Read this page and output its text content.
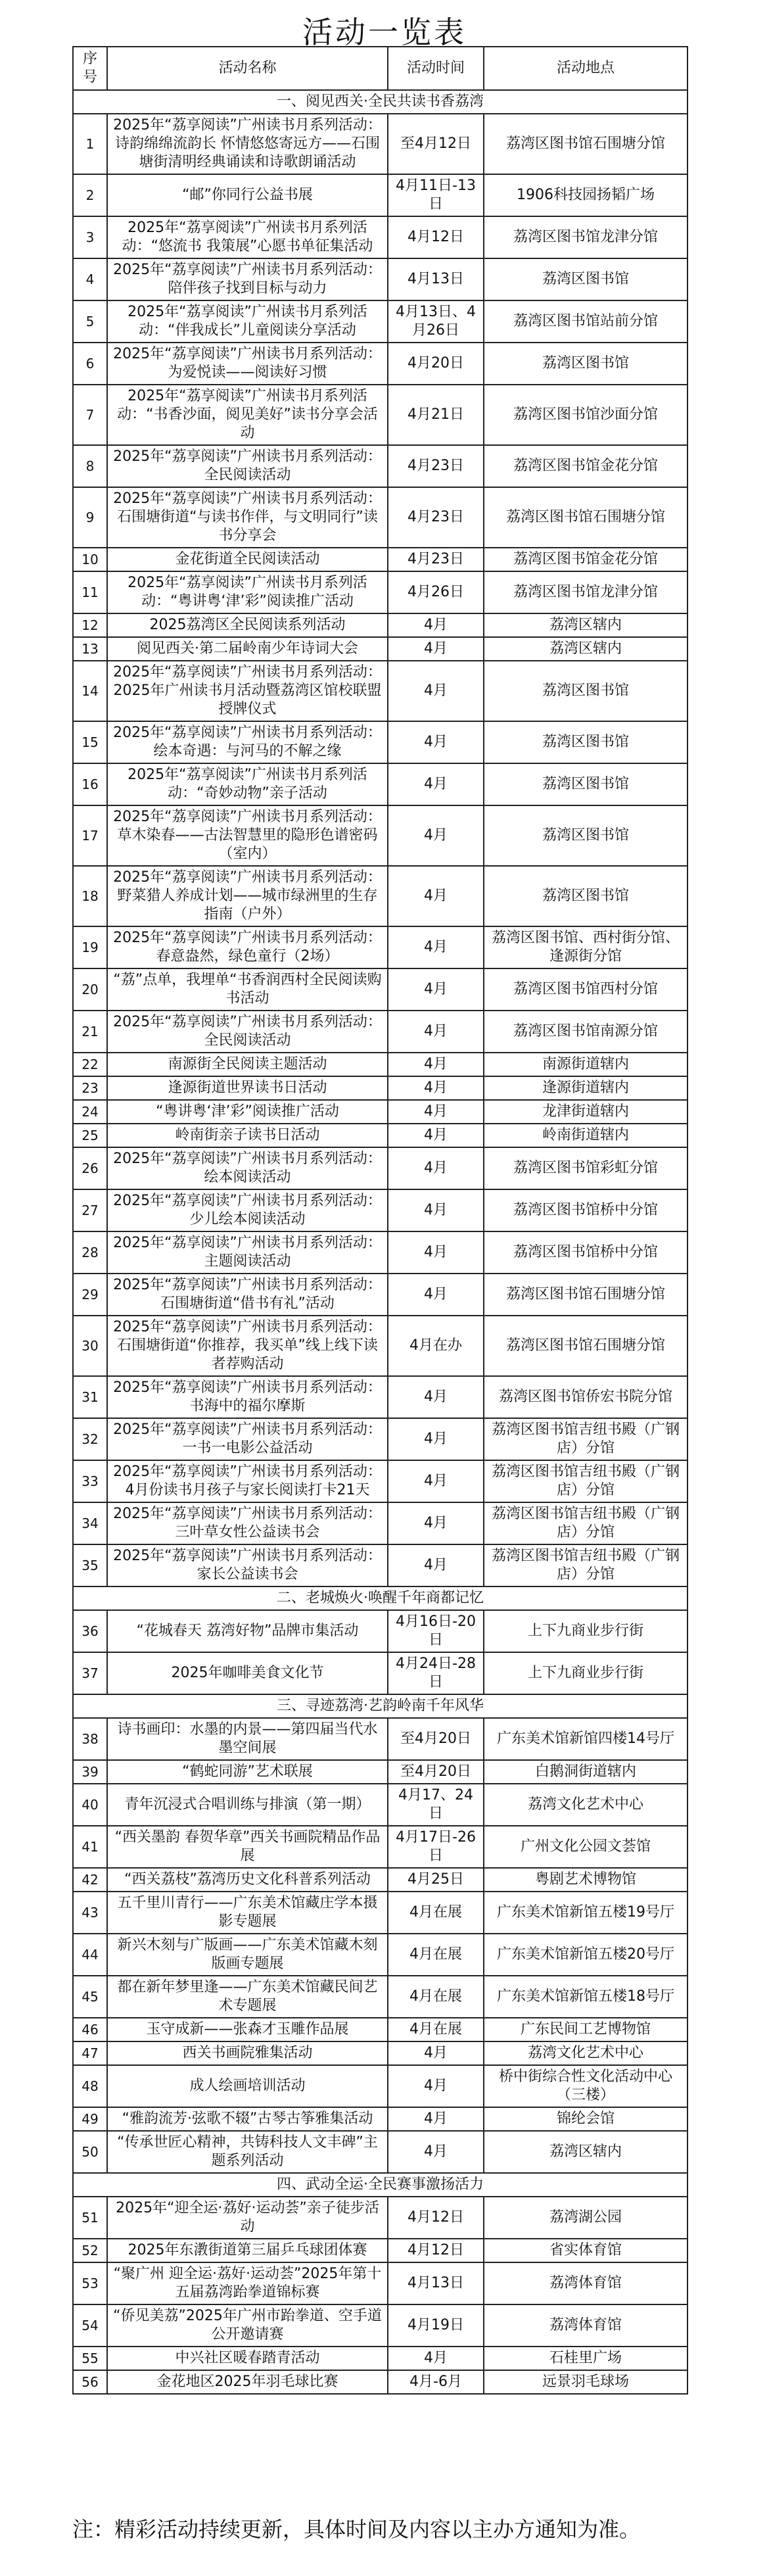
活动一览表
序号	活动名称	活动时间	活动地点
一、阅见西关·全民共读书香荔湾			
1	2025年“荔享阅读”广州读书月系列活动：诗韵绵绵流韵长 怀情悠悠寄远方——石围塘街清明经典诵读和诗歌朗诵活动	至4月12日	荔湾区图书馆石围塘分馆
2	“邮”你同行公益书展	4月11日-13日	1906科技园扬韬广场
3	2025年“荔享阅读”广州读书月系列活动：“悠流书 我策展”心愿书单征集活动	4月12日	荔湾区图书馆龙津分馆
4	2025年“荔享阅读”广州读书月系列活动：陪伴孩子找到目标与动力	4月13日	荔湾区图书馆
5	2025年“荔享阅读”广州读书月系列活动：“伴我成长”儿童阅读分享活动	4月13日、4月26日	荔湾区图书馆站前分馆
6	2025年“荔享阅读”广州读书月系列活动：为爱悦读——阅读好习惯	4月20日	荔湾区图书馆
7	2025年“荔享阅读”广州读书月系列活动：“书香沙面，阅见美好”读书分享会活动	4月21日	荔湾区图书馆沙面分馆
8	2025年“荔享阅读”广州读书月系列活动：全民阅读活动	4月23日	荔湾区图书馆金花分馆
9	2025年“荔享阅读”广州读书月系列活动：石围塘街道“与读书作伴，与文明同行”读书分享会	4月23日	荔湾区图书馆石围塘分馆
10	金花街道全民阅读活动	4月23日	荔湾区图书馆金花分馆
11	2025年“荔享阅读”广州读书月系列活动：“粤讲粤‘津’彩”阅读推广活动	4月26日	荔湾区图书馆龙津分馆
12	2025荔湾区全民阅读系列活动	4月	荔湾区辖内
13	阅见西关·第二届岭南少年诗词大会	4月	荔湾区辖内
14	2025年“荔享阅读”广州读书月系列活动：2025年广州读书月活动暨荔湾区馆校联盟授牌仪式	4月	荔湾区图书馆
15	2025年“荔享阅读”广州读书月系列活动：绘本奇遇：与河马的不解之缘	4月	荔湾区图书馆
16	2025年“荔享阅读”广州读书月系列活动：“奇妙动物”亲子活动	4月	荔湾区图书馆
17	2025年“荔享阅读”广州读书月系列活动：草木染春——古法智慧里的隐形色谱密码（室内）	4月	荔湾区图书馆
18	2025年“荔享阅读”广州读书月系列活动：野菜猎人养成计划——城市绿洲里的生存指南（户外）	4月	荔湾区图书馆
19	2025年“荔享阅读”广州读书月系列活动：春意盎然，绿色童行（2场）	4月	荔湾区图书馆、西村街分馆、逢源街分馆
20	“荔”点单，我埋单“书香润西村全民阅读购书活动	4月	荔湾区图书馆西村分馆
21	2025年“荔享阅读”广州读书月系列活动：全民阅读活动	4月	荔湾区图书馆南源分馆
22	南源街全民阅读主题活动	4月	南源街道辖内
23	逢源街道世界读书日活动	4月	逢源街道辖内
24	“粤讲粤‘津’彩”阅读推广活动	4月	龙津街道辖内
25	岭南街亲子读书日活动	4月	岭南街道辖内
26	2025年“荔享阅读”广州读书月系列活动：绘本阅读活动	4月	荔湾区图书馆彩虹分馆
27	2025年“荔享阅读”广州读书月系列活动：少儿绘本阅读活动	4月	荔湾区图书馆桥中分馆
28	2025年“荔享阅读”广州读书月系列活动：主题阅读活动	4月	荔湾区图书馆桥中分馆
29	2025年“荔享阅读”广州读书月系列活动：石围塘街道“借书有礼”活动	4月	荔湾区图书馆石围塘分馆
30	2025年“荔享阅读”广州读书月系列活动：石围塘街道“你推荐，我买单”线上线下读者荐购活动	4月在办	荔湾区图书馆石围塘分馆
31	2025年“荔享阅读”广州读书月系列活动：书海中的福尔摩斯	4月	荔湾区图书馆侨宏书院分馆
32	2025年“荔享阅读”广州读书月系列活动：一书一电影公益活动	4月	荔湾区图书馆吉纽书殿（广钢店）分馆
33	2025年“荔享阅读”广州读书月系列活动：4月份读书月孩子与家长阅读打卡21天	4月	荔湾区图书馆吉纽书殿（广钢店）分馆
34	2025年“荔享阅读”广州读书月系列活动：三叶草女性公益读书会	4月	荔湾区图书馆吉纽书殿（广钢店）分馆
35	2025年“荔享阅读”广州读书月系列活动：家长公益读书会	4月	荔湾区图书馆吉纽书殿（广钢店）分馆
二、老城焕火·唤醒千年商都记忆			
36	“花城春天 荔湾好物”品牌市集活动	4月16日-20日	上下九商业步行街
37	2025年咖啡美食文化节	4月24日-28日	上下九商业步行街
三、寻迹荔湾·艺韵岭南千年风华			
38	诗书画印：水墨的内景——第四届当代水墨空间展	至4月20日	广东美术馆新馆四楼14号厅
39	“鹤蛇同游”艺术联展	至4月20日	白鹅洞街道辖内
40	青年沉浸式合唱训练与排演（第一期）	4月17、24日	荔湾文化艺术中心
41	“西关墨韵 春贺华章”西关书画院精品作品展	4月17日-26日	广州文化公园文荟馆
42	“西关荔枝”荔湾历史文化科普系列活动	4月25日	粤剧艺术博物馆
43	五千里川青行——广东美术馆藏庄学本摄影专题展	4月在展	广东美术馆新馆五楼19号厅
44	新兴木刻与广版画——广东美术馆藏木刻版画专题展	4月在展	广东美术馆新馆五楼20号厅
45	都在新年梦里逢——广东美术馆藏民间艺术专题展	4月在展	广东美术馆新馆五楼18号厅
46	玉守成新——张森才玉雕作品展	4月在展	广东民间工艺博物馆
47	西关书画院雅集活动	4月	荔湾文化艺术中心
48	成人绘画培训活动	4月	桥中街综合性文化活动中心（三楼）
49	“雅韵流芳·弦歌不辍”古琴古筝雅集活动	4月	锦纶会馆
50	“传承世匠心精神，共铸科技人文丰碑”主题系列活动	4月	荔湾区辖内
四、武动全运·全民赛事激扬活力			
51	2025年“迎全运·荔好·运动荟”亲子徒步活动	4月12日	荔湾湖公园
52	2025年东漖街道第三届乒乓球团体赛	4月12日	省实体育馆
53	“聚广州 迎全运·荔好·运动荟”2025年第十五届荔湾跆拳道锦标赛	4月13日	荔湾体育馆
54	“侨见美荔”2025年广州市跆拳道、空手道公开邀请赛	4月19日	荔湾体育馆
55	中兴社区暖春踏青活动	4月	石桂里广场
56	金花地区2025年羽毛球比赛	4月-6月	远景羽毛球场
注：精彩活动持续更新，具体时间及内容以主办方通知为准。
